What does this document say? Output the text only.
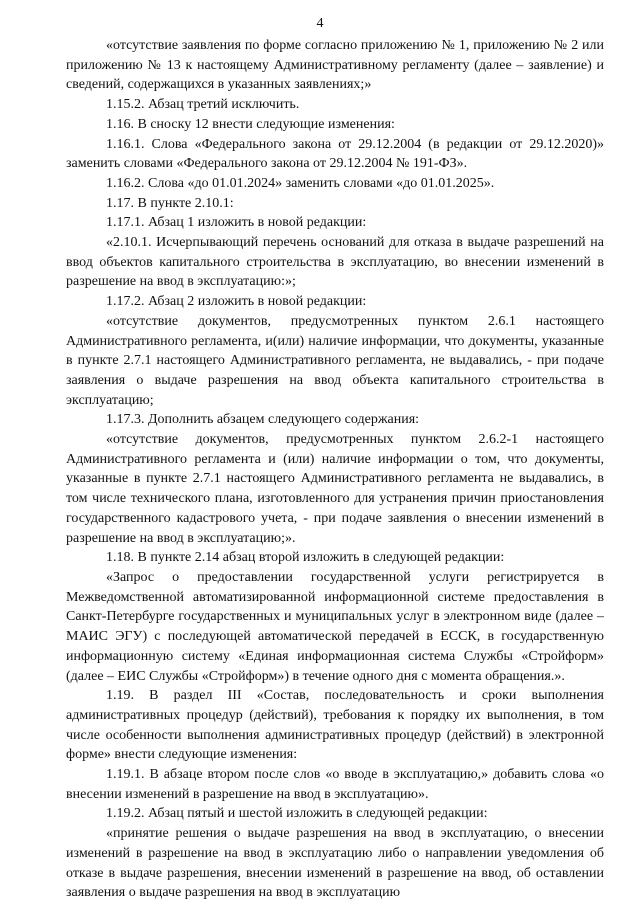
4

«отсутствие заявления по форме согласно приложению № 1, приложению № 2 или приложению № 13 к настоящему Административному регламенту (далее – заявление) и сведений, содержащихся в указанных заявлениях;»

1.15.2. Абзац третий исключить.

1.16. В сноску 12 внести следующие изменения:

1.16.1. Слова «Федерального закона от 29.12.2004 (в редакции от 29.12.2020)» заменить словами «Федерального закона от 29.12.2004 № 191-ФЗ».

1.16.2. Слова «до 01.01.2024» заменить словами «до 01.01.2025».

1.17. В пункте 2.10.1:

1.17.1. Абзац 1 изложить в новой редакции:

«2.10.1. Исчерпывающий перечень оснований для отказа в выдаче разрешений на ввод объектов капитального строительства в эксплуатацию, во внесении изменений в разрешение на ввод в эксплуатацию:»;

1.17.2. Абзац 2 изложить в новой редакции:

«отсутствие документов, предусмотренных пунктом 2.6.1 настоящего Административного регламента, и(или) наличие информации, что документы, указанные в пункте 2.7.1 настоящего Административного регламента, не выдавались, - при подаче заявления о выдаче разрешения на ввод объекта капитального строительства в эксплуатацию;

1.17.3. Дополнить абзацем следующего содержания:

«отсутствие документов, предусмотренных пунктом 2.6.2-1 настоящего Административного регламента и (или) наличие информации о том, что документы, указанные в пункте 2.7.1 настоящего Административного регламента не выдавались, в том числе технического плана, изготовленного для устранения причин приостановления государственного кадастрового учета, - при подаче заявления о внесении изменений в разрешение на ввод в эксплуатацию;».

1.18. В пункте 2.14 абзац второй изложить в следующей редакции:

«Запрос о предоставлении государственной услуги регистрируется в Межведомственной автоматизированной информационной системе предоставления в Санкт-Петербурге государственных и муниципальных услуг в электронном виде (далее – МАИС ЭГУ) с последующей автоматической передачей в ЕССК, в государственную информационную систему «Единая информационная система Службы «Стройформ» (далее – ЕИС Службы «Стройформ») в течение одного дня с момента обращения.».

1.19. В раздел III «Состав, последовательность и сроки выполнения административных процедур (действий), требования к порядку их выполнения, в том числе особенности выполнения административных процедур (действий) в электронной форме» внести следующие изменения:

1.19.1. В абзаце втором после слов «о вводе в эксплуатацию,» добавить слова «о внесении изменений в разрешение на ввод в эксплуатацию».

1.19.2. Абзац пятый и шестой изложить в следующей редакции:

«принятие решения о выдаче разрешения на ввод в эксплуатацию, о внесении изменений в разрешение на ввод в эксплуатацию либо о направлении уведомления об отказе в выдаче разрешения, внесении изменений в разрешение на ввод, об оставлении заявления о выдаче разрешения на ввод в эксплуатацию
